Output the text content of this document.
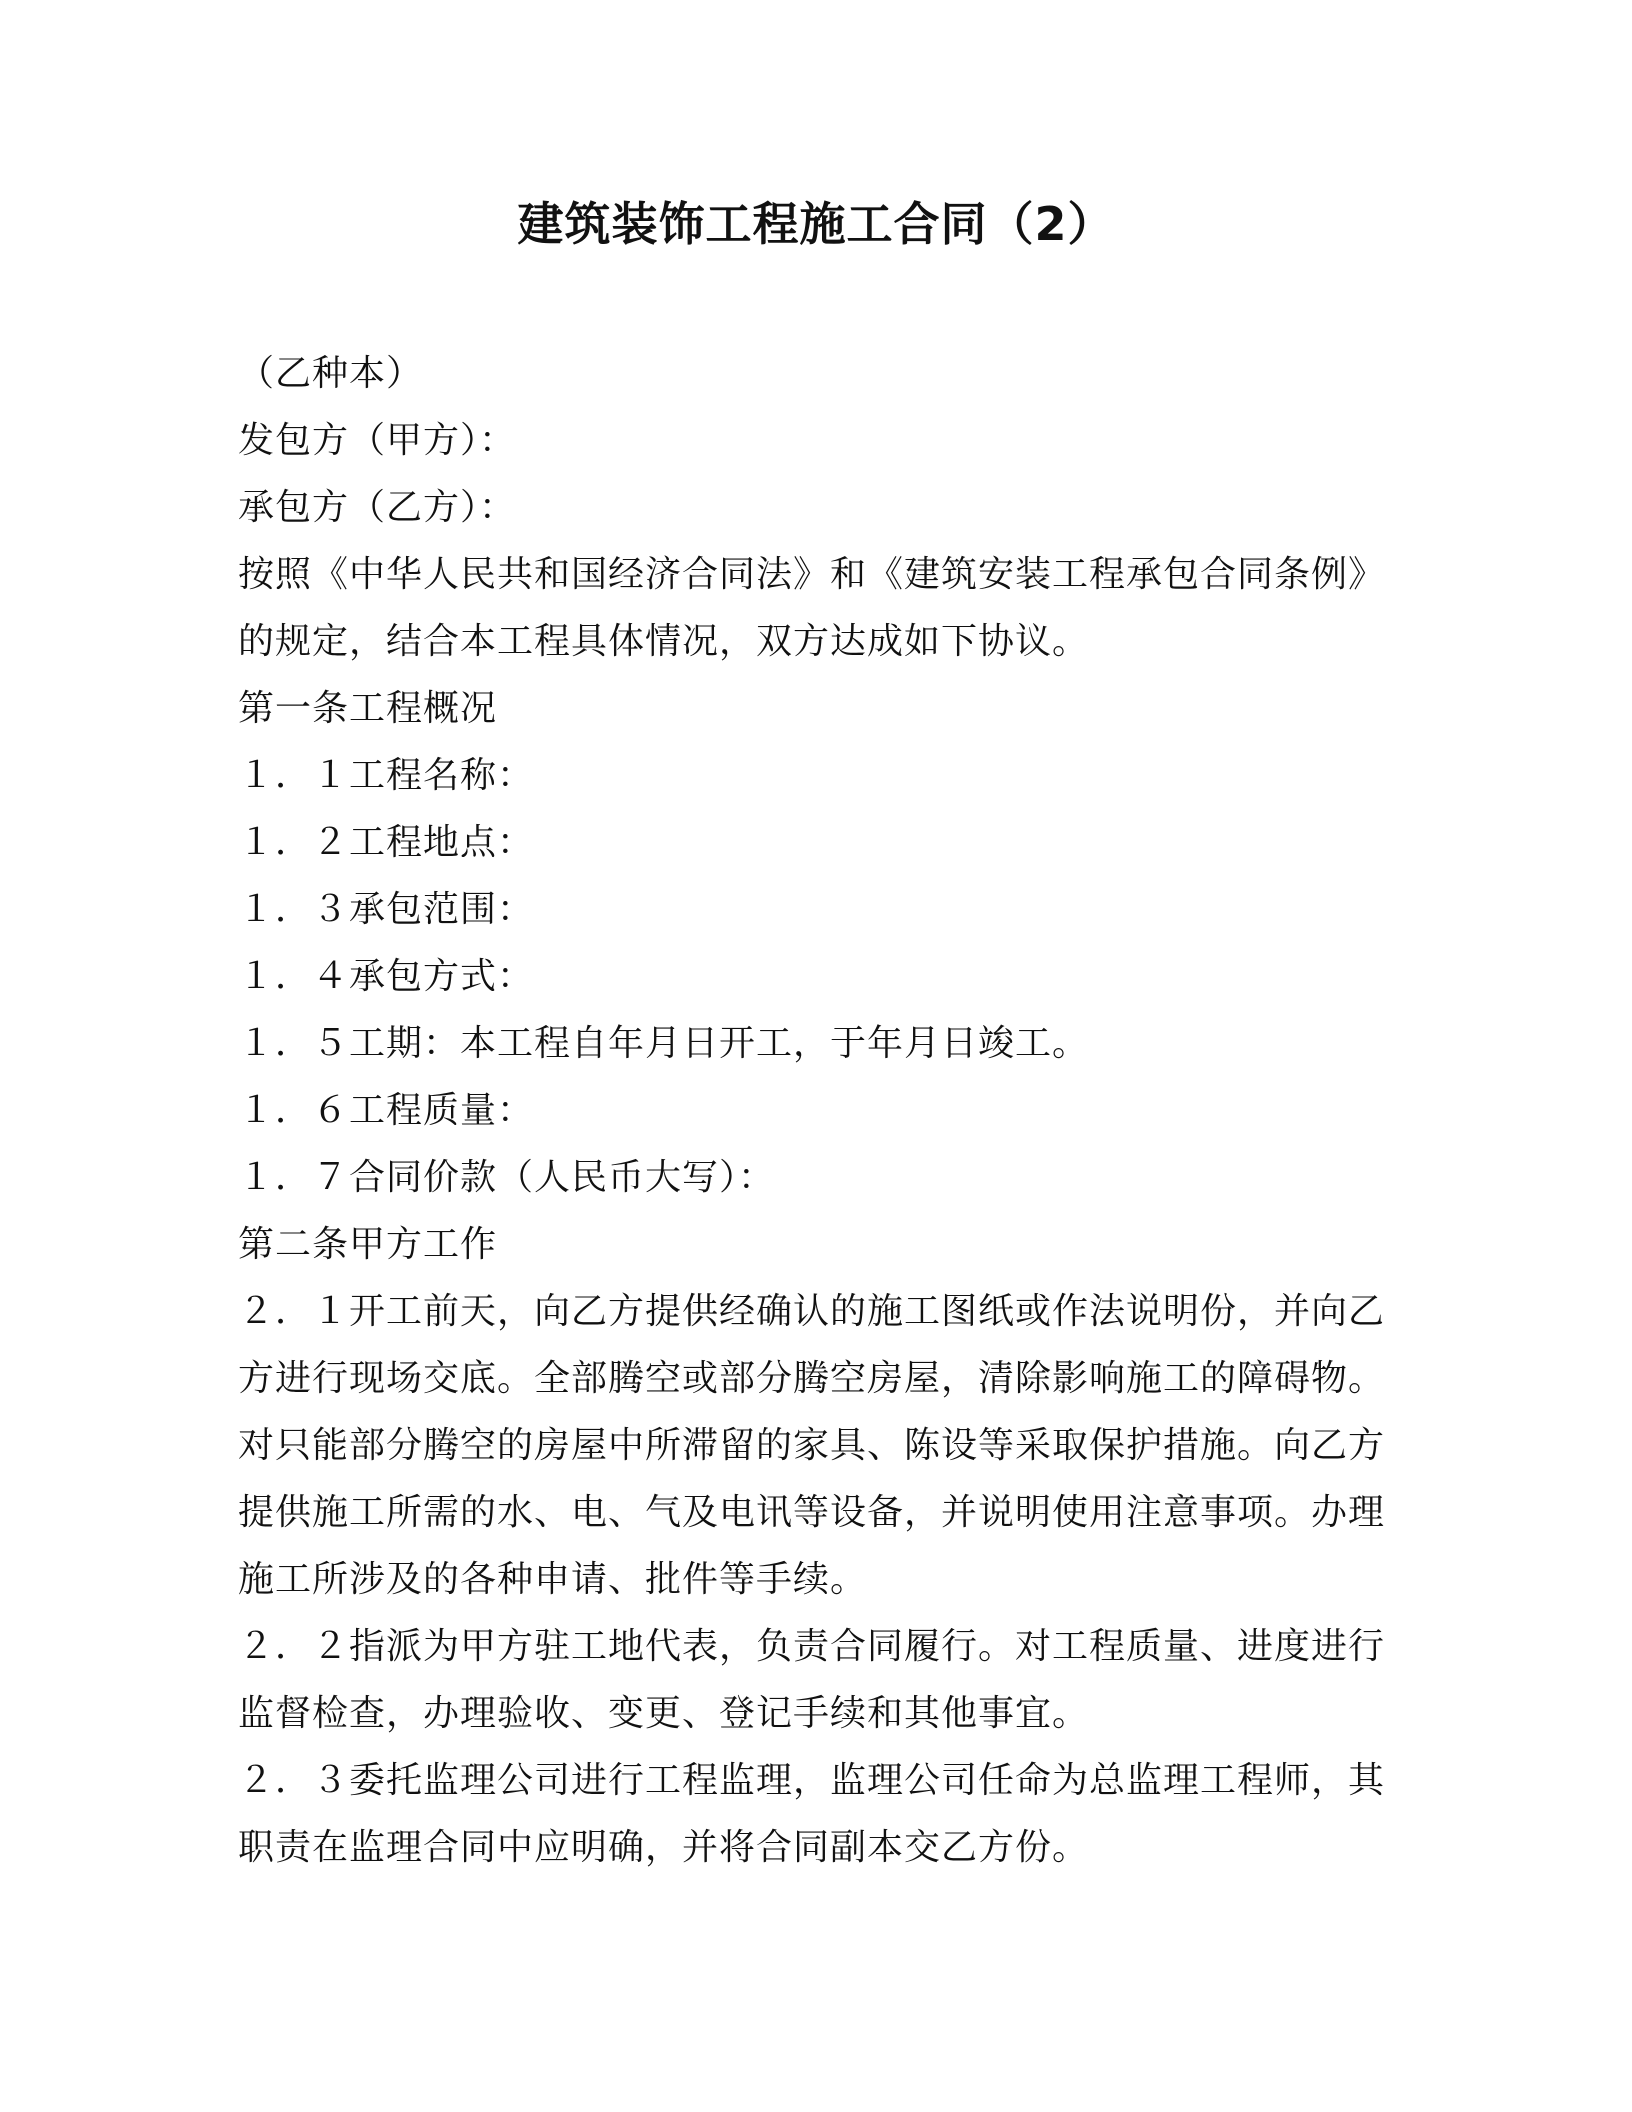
建筑装饰工程施工合同（2）

（乙种本）

发包方（甲方）：

承包方（乙方）：

按照《中华人民共和国经济合同法》和《建筑安装工程承包合同条例》

的规定，结合本工程具体情况，双方达成如下协议。

第一条工程概况

１．１工程名称：

１．２工程地点：

１．３承包范围：

１．４承包方式：

１．５工期：本工程自年月日开工，于年月日竣工。

１．６工程质量：

１．７合同价款（人民币大写）：

第二条甲方工作

２．１开工前天，向乙方提供经确认的施工图纸或作法说明份，并向乙

方进行现场交底。全部腾空或部分腾空房屋，清除影响施工的障碍物。

对只能部分腾空的房屋中所滞留的家具、陈设等采取保护措施。向乙方

提供施工所需的水、电、气及电讯等设备，并说明使用注意事项。办理

施工所涉及的各种申请、批件等手续。

２．２指派为甲方驻工地代表，负责合同履行。对工程质量、进度进行

监督检查，办理验收、变更、登记手续和其他事宜。

２．３委托监理公司进行工程监理，监理公司任命为总监理工程师，其

职责在监理合同中应明确，并将合同副本交乙方份。
